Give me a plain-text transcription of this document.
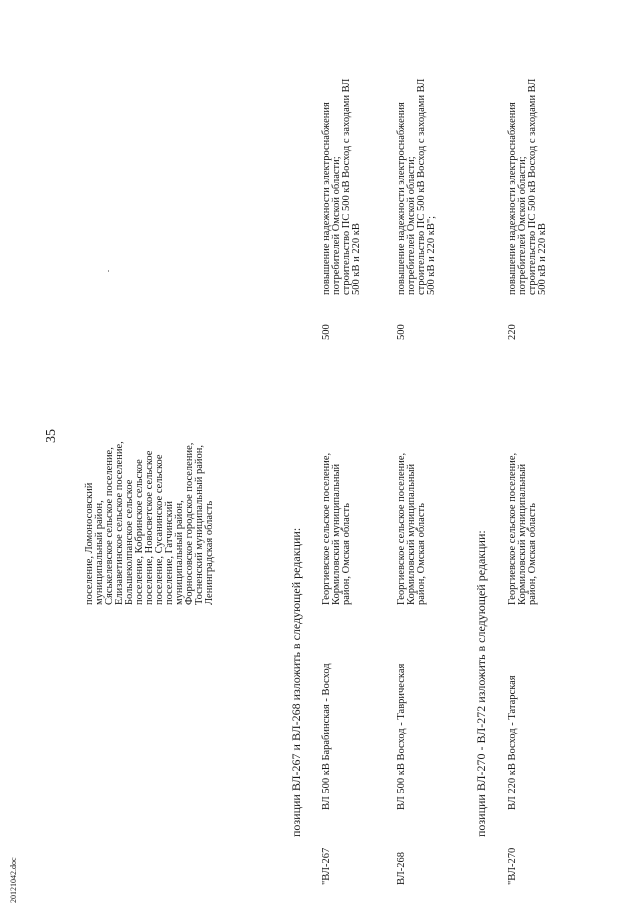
35
20121042.doc
поселение, Ломоносовский муниципальный район, Сяськелевское сельское поселение, Елизаветинское сельское поселение, Большеколпанское сельское поселение, Кобринское сельское поселение, Новосветское сельское поселение, Сусанинское сельское поселение, Гатчинский муниципальный район, Форносовское городское поселение, Тосненский муниципальный район, Ленинградская область	позиции ВЛ-267 и ВЛ-268 изложить в следующей редакции:
"ВЛ-267
ВЛ 500 кВ Барабинская - Восход
Георгиевское сельское поселение, Кормиловский муниципальный район, Омская область
500
повышение надежности электроснабжения потребителей Омской области; строительство ПС 500 кВ Восход с заходами ВЛ 500 кВ и 220 кВ
ВЛ-268
ВЛ 500 кВ Восход - Таврическая
Георгиевское сельское поселение, Кормиловский муниципальный район, Омская область
500
повышение надежности электроснабжения потребителей Омской области; строительство ПС 500 кВ Восход с заходами ВЛ 500 кВ и 220 кВ";
позиции ВЛ-270 - ВЛ-272 изложить в следующей редакции:
"ВЛ-270
ВЛ 220 кВ Восход - Татарская
Георгиевское сельское поселение, Кормиловский муниципальный район, Омская область
220
повышение надежности электроснабжения потребителей Омской области; строительство ПС 500 кВ Восход с заходами ВЛ 500 кВ и 220 кВ
